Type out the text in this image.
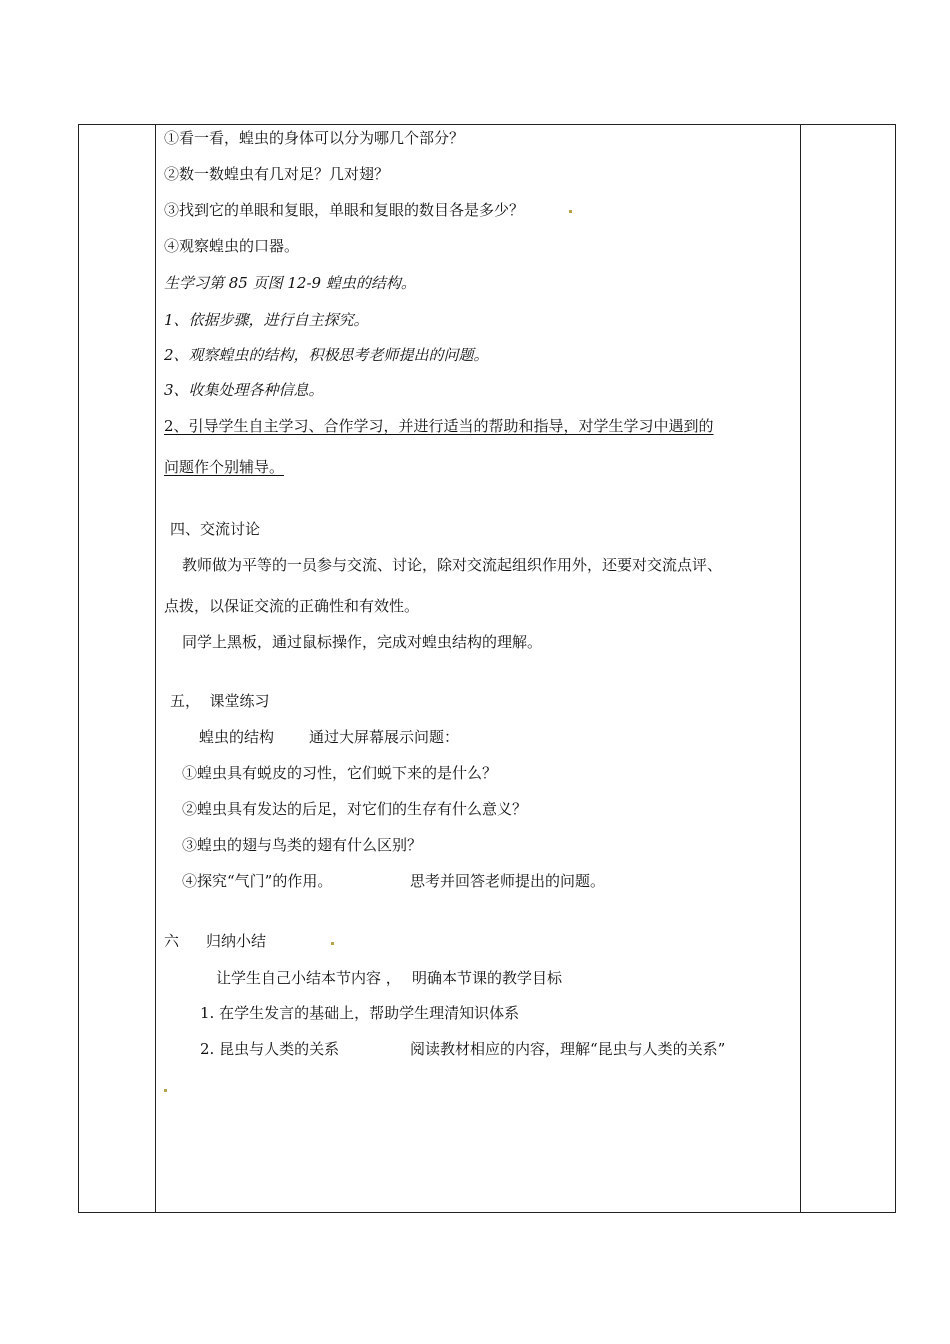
①看一看，蝗虫的身体可以分为哪几个部分？
②数一数蝗虫有几对足？几对翅？
③找到它的单眼和复眼，单眼和复眼的数目各是多少？
④观察蝗虫的口器。
生学习第 85 页图 12-9 蝗虫的结构。
1、依据步骤，进行自主探究。
2、观察蝗虫的结构，积极思考老师提出的问题。
3、收集处理各种信息。
2、引导学生自主学习、合作学习，并进行适当的帮助和指导，对学生学习中遇到的
问题作个别辅导。
四、交流讨论
教师做为平等的一员参与交流、讨论，除对交流起组织作用外，还要对交流点评、
点拨，以保证交流的正确性和有效性。
同学上黑板，通过鼠标操作，完成对蝗虫结构的理解。
五，  课堂练习
蝗虫的结构 通过大屏幕展示问题：
①蝗虫具有蜕皮的习性，它们蜕下来的是什么？
②蝗虫具有发达的后足，对它们的生存有什么意义？
③蝗虫的翅与鸟类的翅有什么区别？
④探究“气门”的作用。	思考并回答老师提出的问题。
六 归纳小结
让学生自己小结本节内容 ， 明确本节课的教学目标
1. 在学生发言的基础上，帮助学生理清知识体系
2. 昆虫与人类的关系	阅读教材相应的内容，理解“昆虫与人类的关系”
